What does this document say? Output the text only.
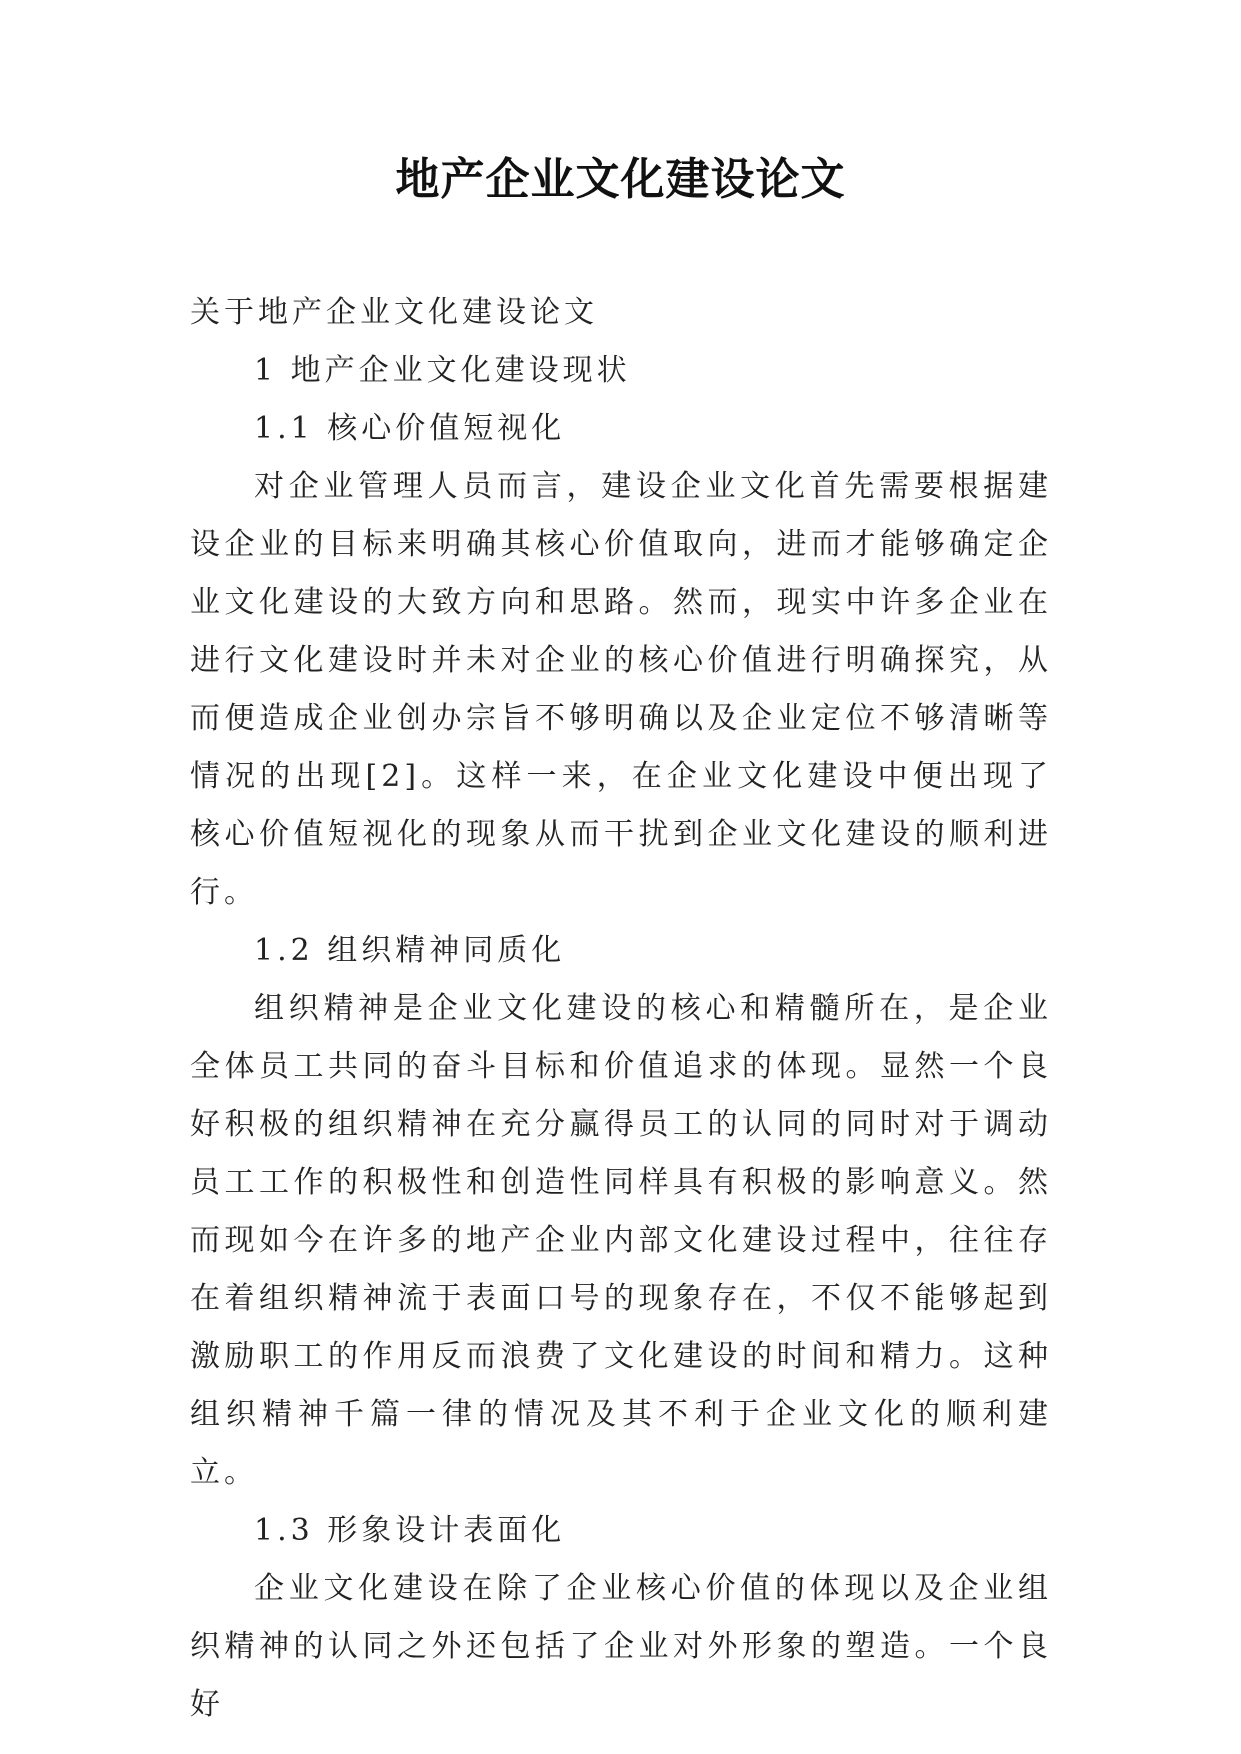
地产企业文化建设论文

关于地产企业文化建设论文

1 地产企业文化建设现状

1.1 核心价值短视化

对企业管理人员而言，建设企业文化首先需要根据建设企业的目标来明确其核心价值取向，进而才能够确定企业文化建设的大致方向和思路。然而，现实中许多企业在进行文化建设时并未对企业的核心价值进行明确探究，从而便造成企业创办宗旨不够明确以及企业定位不够清晰等情况的出现[2]。这样一来，在企业文化建设中便出现了核心价值短视化的现象从而干扰到企业文化建设的顺利进行。

1.2 组织精神同质化

组织精神是企业文化建设的核心和精髓所在，是企业全体员工共同的奋斗目标和价值追求的体现。显然一个良好积极的组织精神在充分赢得员工的认同的同时对于调动员工工作的积极性和创造性同样具有积极的影响意义。然而现如今在许多的地产企业内部文化建设过程中，往往存在着组织精神流于表面口号的现象存在，不仅不能够起到激励职工的作用反而浪费了文化建设的时间和精力。这种组织精神千篇一律的情况及其不利于企业文化的顺利建立。

1.3 形象设计表面化

企业文化建设在除了企业核心价值的体现以及企业组织精神的认同之外还包括了企业对外形象的塑造。一个良好
